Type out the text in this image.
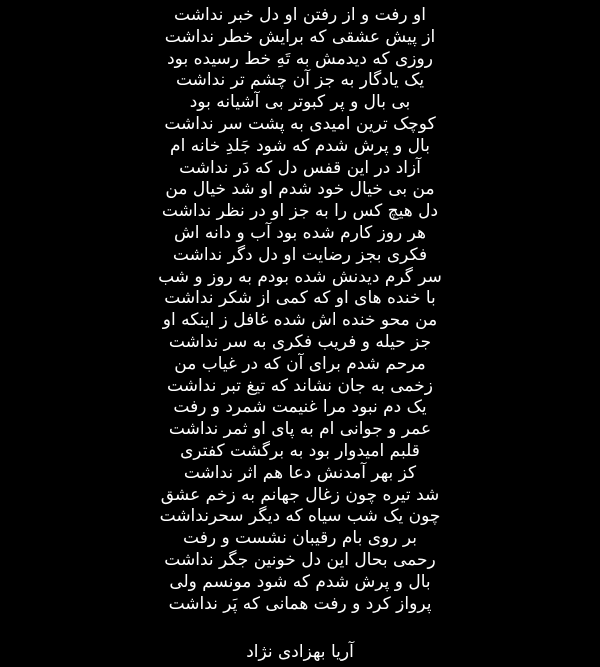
او رفت و از رفتن او دل خبر نداشت
از پیش عشقی که برایش خطر نداشت
روزی که دیدمش به تَهِ خط رسیده بود
یک یادگار به جز آن چشم تر نداشت
بی بال و پر کبوتر بی آشیانه بود
کوچک ترین امیدی به پشت سر نداشت
بال و پرش شدم که شود جَلدِ خانه ام
آزاد در این قفس دل که دَر نداشت
من بی خیال خود شدم او شد خیال من
دل هیچ کس را به جز او در نظر نداشت
هر روز کارم شده بود آب و دانه اش
فکری بجز رضایت او دل دگر نداشت
سر گرم دیدنش شده بودم به روز و شب
با خنده های او که کمی از شکر نداشت
من محو خنده اش شده غافل ز اینکه او
جز حیله و فریب فکری به سر نداشت
مرحم شدم برای آن که در غیاب من
زخمی به جان نشاند که تیغ تبر نداشت
یک دم نبود مرا غنیمت شمرد و رفت
عمر و جوانی ام به پای او ثمر نداشت
قلبم امیدوار بود به برگشت کفتری
کز بهر آمدنش دعا هم اثر نداشت
شد تیره چون زغال جهانم به زخم عشق
چون یک شب سیاه که دیگر سحرنداشت
بر روی بام رقیبان نشست و رفت
رحمی بحال این دل خونین جگر نداشت
بال و پرش شدم که شود مونسم ولی
پرواز کرد و رفت همانی که پَر نداشت
آریا بهزادی نژاد
